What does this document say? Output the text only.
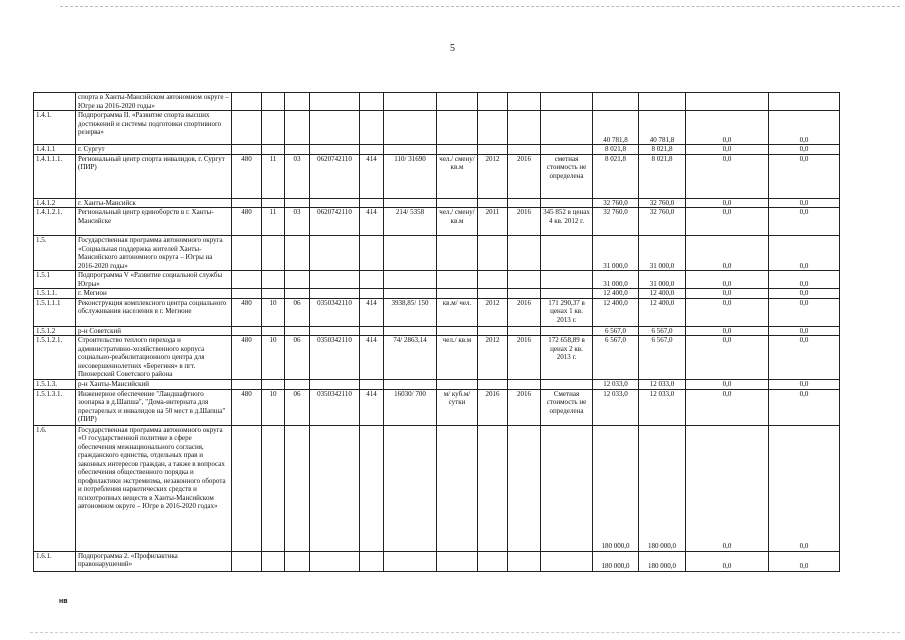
5
	спорта в Ханты-Мансийском автономном округе – Югре на 2016-2020 годы»														
1.4.1.	Подпрограмма II. «Развитие спорта высших достижений и системы подготовки спортивного резерва»											40 781,8	40 781,8	0,0	0,0
1.4.1.1	г. Сургут											8 021,8	8 021,8	0,0	0,0
1.4.1.1.1.	Региональный центр спорта инвалидов, г. Сургут (ПИР)	480	11	03	0620742110	414	110/ 31690	чел./ смену/ кв.м	2012	2016	сметная стоимость не определена	8 021,8	8 021,8	0,0	0,0
1.4.1.2	г. Ханты-Мансийск											32 760,0	32 760,0	0,0	0,0
1.4.1.2.1.	Региональный центр единоборств в г. Ханты-Мансийске	480	11	03	0620742110	414	214/ 5358	чел./ смену/ кв.м	2011	2016	345 852 в ценах 4 кв. 2012 г.	32 760,0	32 760,0	0,0	0,0
1.5.	Государственная программа автономного округа «Социальная поддержка жителей Ханты-Мансийского автономного округа – Югры на 2016-2020 годы»											31 000,0	31 000,0	0,0	0,0
1.5.1	Подпрограмма V «Развитие социальной службы Югры»											31 000,0	31 000,0	0,0	0,0
1.5.1.1.	г. Мегион											12 400,0	12 400,0	0,0	0,0
1.5.1.1.1	Реконструкция комплексного центра социального обслуживания населения в г. Мегионе	480	10	06	0350342110	414	3938,85/ 150	кв.м/ чел.	2012	2016	171 290,37 в ценах 1 кв. 2013 г.	12 400,0	12 400,0	0,0	0,0
1.5.1.2	р-н Советский											6 567,0	6 567,0	0,0	0,0
1.5.1.2.1.	Строительство теплого перехода и административно-хозяйственного корпуса социально-реабилитационного центра для несовершеннолетних «Берегиня» в пгт. Пионерский Советского района	480	10	06	0350342110	414	74/ 2863,14	чел./ кв.м	2012	2016	172 658,89 в ценах 2 кв. 2013 г.	6 567,0	6 567,0	0,0	0,0
1.5.1.3.	р-н Ханты-Мансийский											12 033,0	12 033,0	0,0	0,0
1.5.1.3.1.	Инженерное обеспечение "Ландшафтного зоопарка в д.Шапша", "Дома-интерната для престарелых и инвалидов на 50 мест в д.Шапша" (ПИР)	480	10	06	0350342110	414	16030/ 700	м/ куб.м/ сутки	2016	2016	Сметная стоимость не определена	12 033,0	12 033,0	0,0	0,0
1.6.	Государственная программа автономного округа «О государственной политике в сфере обеспечения межнационального согласия, гражданского единства, отдельных прав и законных интересов граждан, а также в вопросах обеспечения общественного порядка и профилактики экстремизма, незаконного оборота и потребления наркотических средств и психотропных веществ в Ханты-Мансийском автономном округе – Югре в 2016-2020 годах»											180 000,0	180 000,0	0,0	0,0
1.6.1.	Подпрограмма 2. «Профилактика правонарушений»											180 000,0	180 000,0	0,0	0,0
нв
